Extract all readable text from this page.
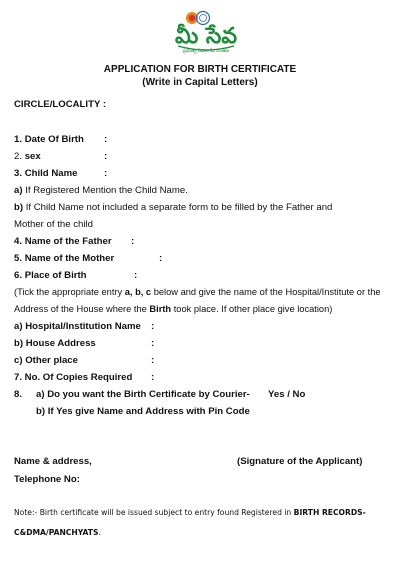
మీ సేవ
ప్రభుత్వ సేవలు మీ చెంతకు
APPLICATION FOR BIRTH CERTIFICATE
(Write in Capital Letters)
CIRCLE/LOCALITY :
1. Date Of Birth :
2. sex	:
3. Child Name	:
a) If Registered Mention the Child Name.
b) If Child Name not included a separate form to be filled by the Father and
Mother of the child
4. Name of the Father :
5. Name of the Mother	:
6. Place of Birth	:
(Tick the appropriate entry a, b, c below and give the name of the Hospital/Institute or the
Address of the House where the Birth took place. If other place give location)
a) Hospital/Institution Name :
b) House Address	:
c) Other place	:
7. No. Of Copies Required :
8. a) Do you want the Birth Certificate by Courier- Yes / No
b) If Yes give Name and Address with Pin Code
Name & address,	(Signature of the Applicant)
Telephone No:
Note:- Birth certificate will be issued subject to entry found Registered in BIRTH RECORDS-
C&DMA/PANCHYATS.
